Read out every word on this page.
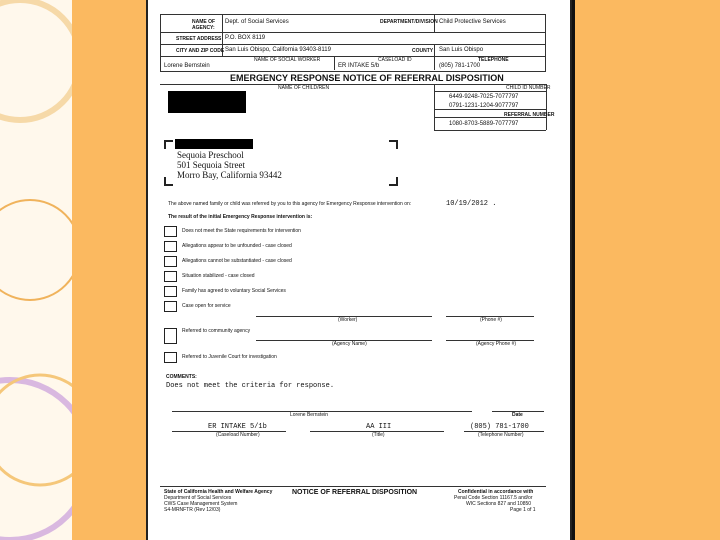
NAME OF
AGENCY:
Dept. of Social Services	DEPARTMENT/DIVISION Child Protective Services
STREET ADDRESS P.O. BOX 8119
CITY AND ZIP CODE San Luis Obispo, California 93403-8119	COUNTY San Luis Obispo
NAME OF SOCIAL WORKER
Lorene Bernstein
CASELOAD ID
ER INTAKE 5/b
TELEPHONE
(805) 781-1700
EMERGENCY RESPONSE NOTICE OF REFERRAL DISPOSITION
NAME OF CHILD/REN	CHILD ID NUMBER
6449-9248-7025-7077797
0791-1231-1204-9077797
REFERRAL NUMBER
1080-8703-5889-7077797
Sequoia Preschool
501 Sequoia Street
Morro Bay, California 93442
The above named family or child was referred by you to this agency for Emergency Response intervention on:	10/19/2012 .
The result of the initial Emergency Response intervention is:
Does not meet the State requirements for intervention
Allegations appear to be unfounded - case closed
Allegations cannot be substantiated - case closed
Situation stabilized - case closed
Family has agreed to voluntary Social Services
Case open for service
(Worker)	(Phone #)
Referred to community agency
(Agency Name)	(Agency Phone #)
Referred to Juvenile Court for investigation
COMMENTS:
Does not meet the criteria for response.
Lorene Bernstein	Date
ER INTAKE 5/1b
(Caseload Number)
AA III
(Title)
(805) 781-1700
(Telephone Number)
State of California Health and Welfare Agency
Department of Social Services
CWS Case Management System
S4-MRNFTR (Rev 12/03)
NOTICE OF REFERRAL DISPOSITION	Confidential in accordance with
Penal Code Section 11167.5 and/or
WIC Sections 827 and 10850
Page 1 of 1
